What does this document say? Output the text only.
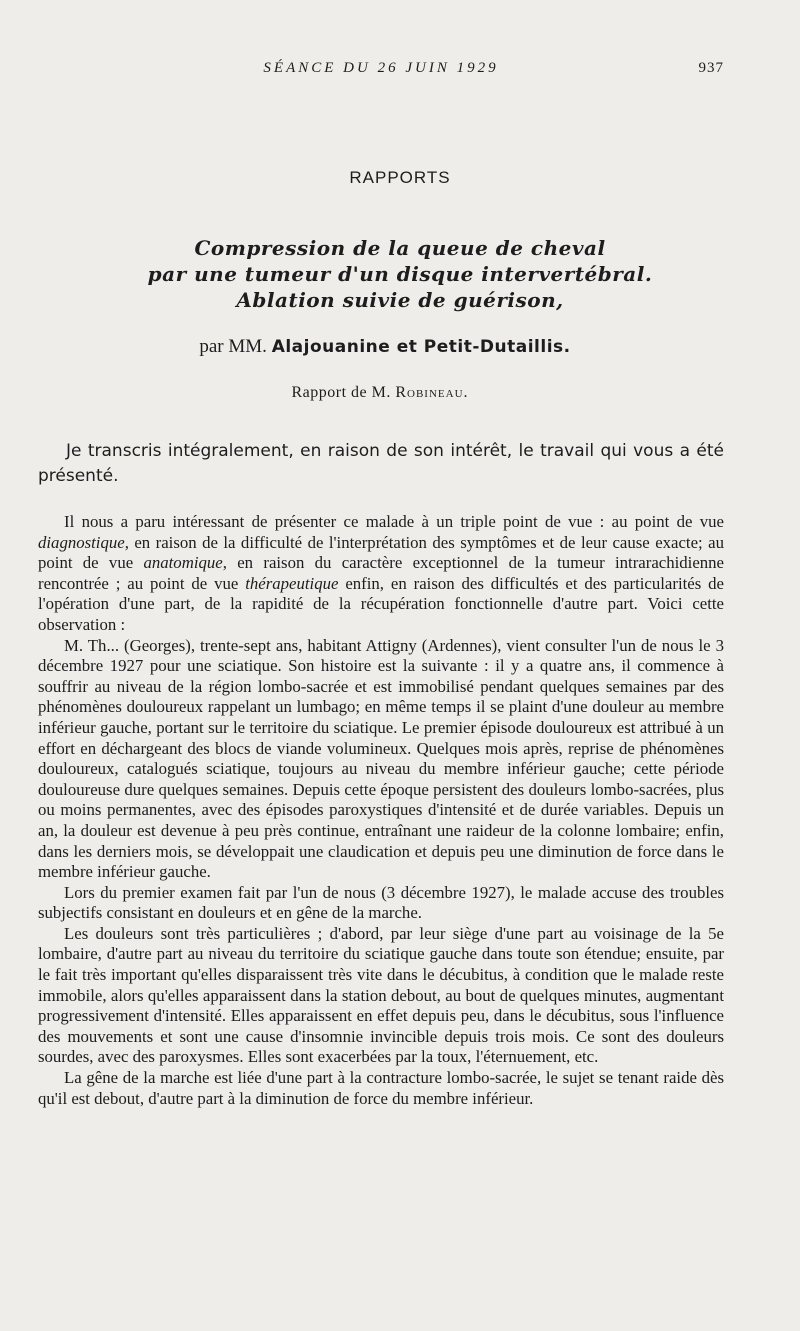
SÉANCE DU 26 JUIN 1929	937
RAPPORTS
Compression de la queue de cheval
par une tumeur d'un disque intervertébral.
Ablation suivie de guérison,
par MM. Alajouanine et Petit-Dutaillis.
Rapport de M. Robineau.

Je transcris intégralement, en raison de son intérêt, le travail qui vous a été présenté.

Il nous a paru intéressant de présenter ce malade à un triple point de vue : au point de vue diagnostique, en raison de la difficulté de l'interprétation des symptômes et de leur cause exacte; au point de vue anatomique, en raison du caractère exceptionnel de la tumeur intrarachidienne rencontrée ; au point de vue thérapeutique enfin, en raison des difficultés et des particularités de l'opération d'une part, de la rapidité de la récupération fonctionnelle d'autre part. Voici cette observation :

M. Th... (Georges), trente-sept ans, habitant Attigny (Ardennes), vient consulter l'un de nous le 3 décembre 1927 pour une sciatique. Son histoire est la suivante : il y a quatre ans, il commence à souffrir au niveau de la région lombo-sacrée et est immobilisé pendant quelques semaines par des phénomènes douloureux rappelant un lumbago; en même temps il se plaint d'une douleur au membre inférieur gauche, portant sur le territoire du sciatique. Le premier épisode douloureux est attribué à un effort en déchargeant des blocs de viande volumineux. Quelques mois après, reprise de phénomènes douloureux, catalogués sciatique, toujours au niveau du membre inférieur gauche; cette période douloureuse dure quelques semaines. Depuis cette époque persistent des douleurs lombo-sacrées, plus ou moins permanentes, avec des épisodes paroxystiques d'intensité et de durée variables. Depuis un an, la douleur est devenue à peu près continue, entraînant une raideur de la colonne lombaire; enfin, dans les derniers mois, se développait une claudication et depuis peu une diminution de force dans le membre inférieur gauche.

Lors du premier examen fait par l'un de nous (3 décembre 1927), le malade accuse des troubles subjectifs consistant en douleurs et en gêne de la marche.

Les douleurs sont très particulières ; d'abord, par leur siège d'une part au voisinage de la 5e lombaire, d'autre part au niveau du territoire du sciatique gauche dans toute son étendue; ensuite, par le fait très important qu'elles disparaissent très vite dans le décubitus, à condition que le malade reste immobile, alors qu'elles apparaissent dans la station debout, au bout de quelques minutes, augmentant progressivement d'intensité. Elles apparaissent en effet depuis peu, dans le décubitus, sous l'influence des mouvements et sont une cause d'insomnie invincible depuis trois mois. Ce sont des douleurs sourdes, avec des paroxysmes. Elles sont exacerbées par la toux, l'éternuement, etc.

La gêne de la marche est liée d'une part à la contracture lombo-sacrée, le sujet se tenant raide dès qu'il est debout, d'autre part à la diminution de force du membre inférieur.
